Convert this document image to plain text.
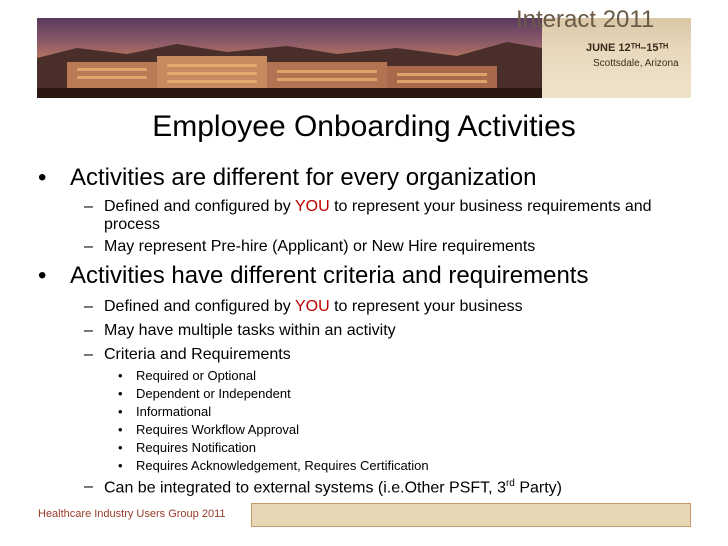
Interact 2011
JUNE 12ᵀᴴ–15ᵀᴴ
Scottsdale, Arizona
Employee Onboarding Activities
• Activities are different for every organization
– Defined and configured by YOU to represent your business requirements and
process
– May represent Pre-hire (Applicant) or New Hire requirements
• Activities have different criteria and requirements
– Defined and configured by YOU to represent your business
– May have multiple tasks within an activity
– Criteria and Requirements
• Required or Optional
• Dependent or Independent
• Informational
• Requires Workflow Approval
• Requires Notification
• Requires Acknowledgement, Requires Certification
– Can be integrated to external systems (i.e.Other PSFT, 3rd Party)
Healthcare Industry Users Group 2011
